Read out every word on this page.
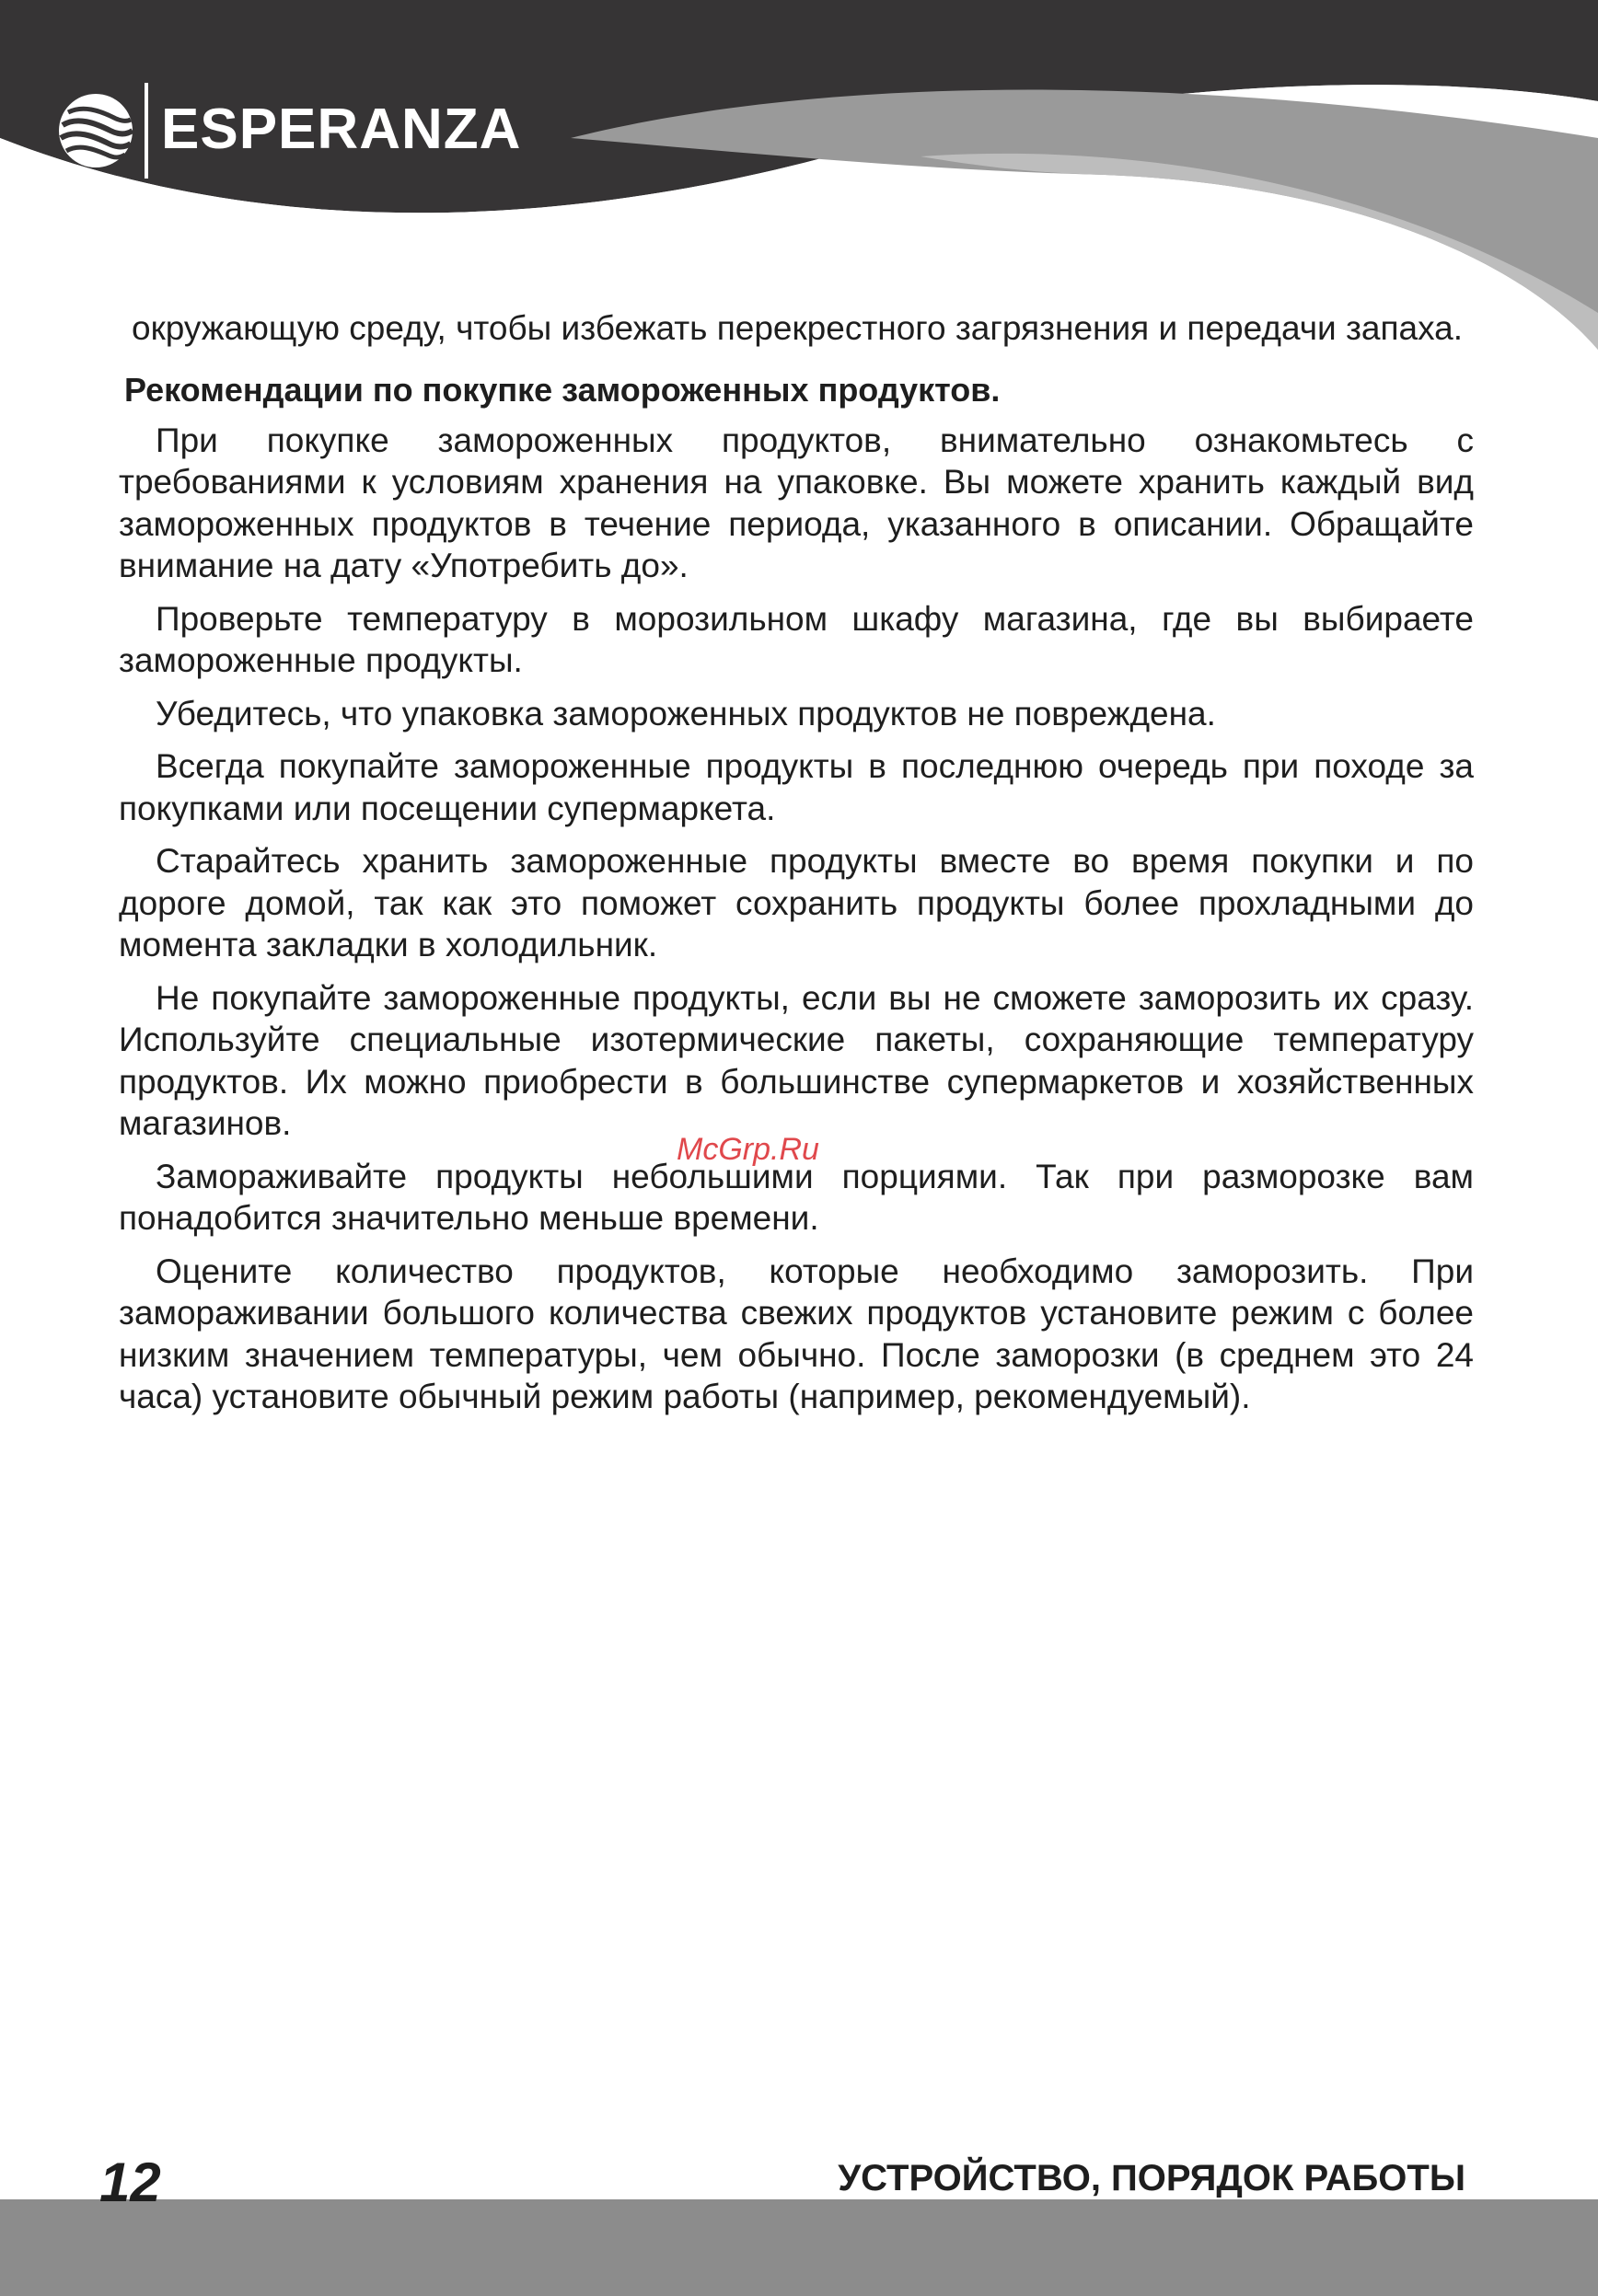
ESPERANZA

окружающую среду, чтобы избежать перекрестного загрязнения и передачи запаха.

Рекомендации по покупке замороженных продуктов.

При покупке замороженных продуктов, внимательно ознакомьтесь с требованиями к условиям хранения на упаковке. Вы можете хранить каждый вид замороженных продуктов в течение периода, указанного в описании. Обращайте внимание на дату «Употребить до».

Проверьте температуру в морозильном шкафу магазина, где вы выбираете замороженные продукты.

Убедитесь, что упаковка замороженных продуктов не повреждена.

Всегда покупайте замороженные продукты в последнюю очередь при походе за покупками или посещении супермаркета.

Старайтесь хранить замороженные продукты вместе во время покупки и по дороге домой, так как это поможет сохранить продукты более прохладными до момента закладки в холодильник.

Не покупайте замороженные продукты, если вы не сможете заморозить их сразу. Используйте специальные изотермические пакеты, сохраняющие температуру продуктов. Их можно приобрести в большинстве супермаркетов и хозяйственных магазинов.

Замораживайте продукты небольшими порциями. Так при разморозке вам понадобится значительно меньше времени.

Оцените количество продуктов, которые необходимо заморозить. При замораживании большого количества свежих продуктов установите режим с более низким значением температуры, чем обычно. После заморозки (в среднем это 24 часа) установите обычный режим работы (например, рекомендуемый).

McGrp.Ru
12	УСТРОЙСТВО, ПОРЯДОК РАБОТЫ
